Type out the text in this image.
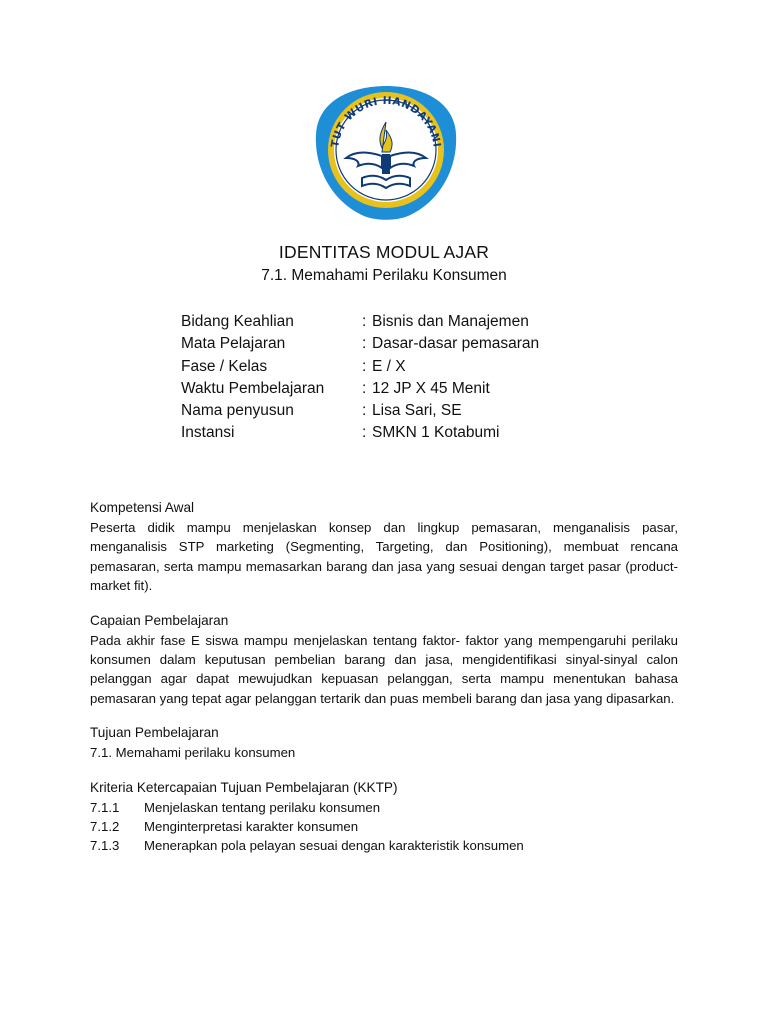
TUT WURI HANDAYANI
IDENTITAS MODUL AJAR
7.1. Memahami Perilaku Konsumen
Bidang Keahlian	: Bisnis dan Manajemen
Mata Pelajaran	: Dasar-dasar pemasaran
Fase / Kelas	: E / X
Waktu Pembelajaran	: 12 JP X 45 Menit
Nama penyusun	: Lisa Sari, SE
Instansi	: SMKN 1 Kotabumi
Kompetensi Awal
Peserta didik mampu menjelaskan konsep dan lingkup pemasaran, menganalisis pasar, menganalisis STP marketing (Segmenting, Targeting, dan Positioning), membuat rencana pemasaran, serta mampu memasarkan barang dan jasa yang sesuai dengan target pasar (product-market fit).
Capaian Pembelajaran
Pada akhir fase E siswa mampu menjelaskan tentang faktor- faktor yang mempengaruhi perilaku konsumen dalam keputusan pembelian barang dan jasa, mengidentifikasi sinyal-sinyal calon pelanggan agar dapat mewujudkan kepuasan pelanggan, serta mampu menentukan bahasa pemasaran yang tepat agar pelanggan tertarik dan puas membeli barang dan jasa yang dipasarkan.
Tujuan Pembelajaran
7.1. Memahami perilaku konsumen
Kriteria Ketercapaian Tujuan Pembelajaran (KKTP)
7.1.1	Menjelaskan tentang perilaku konsumen
7.1.2	Menginterpretasi karakter konsumen
7.1.3	Menerapkan pola pelayan sesuai dengan karakteristik konsumen
